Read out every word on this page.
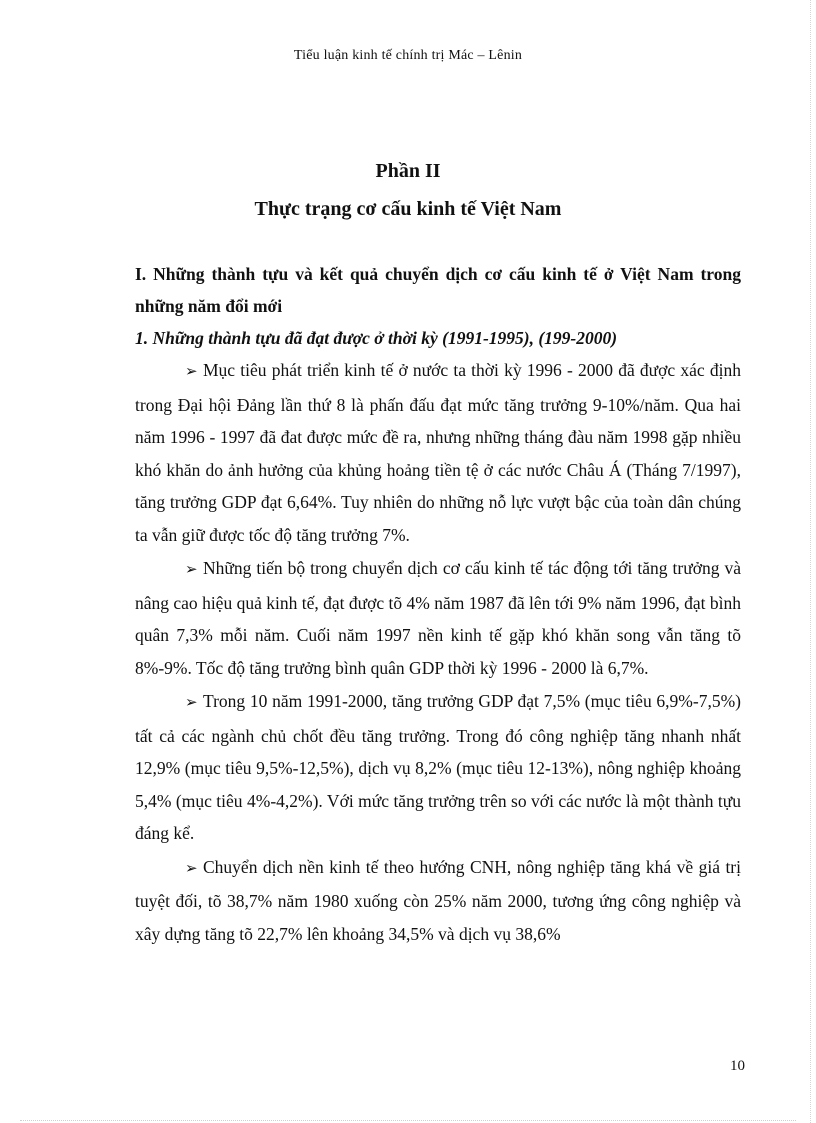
Tiểu luận kinh tế chính trị Mác – Lênin
Phần II
Thực trạng cơ cấu kinh tế Việt Nam

I. Những thành tựu và kết quả chuyển dịch cơ cấu kinh tế ở Việt Nam trong những năm đổi mới

1. Những thành tựu đã đạt được ở thời kỳ (1991-1995), (199-2000)

➢ Mục tiêu phát triển kinh tế ở nước ta thời kỳ 1996 - 2000 đã được xác định trong Đại hội Đảng lần thứ 8 là phấn đấu đạt mức tăng trưởng 9-10%/năm. Qua hai năm 1996 - 1997 đã đat được mức đề ra, nhưng những tháng đàu năm 1998 gặp nhiều khó khăn do ảnh hưởng của khủng hoảng tiền tệ ở các nước Châu Á (Tháng 7/1997), tăng trưởng GDP đạt 6,64%. Tuy nhiên do những nỗ lực vượt bậc của toàn dân chúng ta vẫn giữ được tốc độ tăng trưởng 7%.

➢ Những tiến bộ trong chuyển dịch cơ cấu kinh tế tác động tới tăng trưởng và nâng cao hiệu quả kinh tế, đạt được tõ 4% năm 1987 đã lên tới 9% năm 1996, đạt bình quân 7,3% mỗi năm. Cuối năm 1997 nền kinh tế gặp khó khăn song vẫn tăng tõ 8%-9%. Tốc độ tăng trưởng bình quân GDP thời kỳ 1996 - 2000 là 6,7%.

➢ Trong 10 năm 1991-2000, tăng trưởng GDP đạt 7,5% (mục tiêu 6,9%-7,5%) tất cả các ngành chủ chốt đều tăng trưởng. Trong đó công nghiệp tăng nhanh nhất 12,9% (mục tiêu 9,5%-12,5%), dịch vụ 8,2% (mục tiêu 12-13%), nông nghiệp khoảng 5,4% (mục tiêu 4%-4,2%). Với mức tăng trưởng trên so với các nước là một thành tựu đáng kể.

➢ Chuyển dịch nền kinh tế theo hướng CNH, nông nghiệp tăng khá về giá trị tuyệt đối, tõ 38,7% năm 1980 xuống còn 25% năm 2000, tương ứng công nghiệp và xây dựng tăng tõ 22,7% lên khoảng 34,5% và dịch vụ 38,6%

10
